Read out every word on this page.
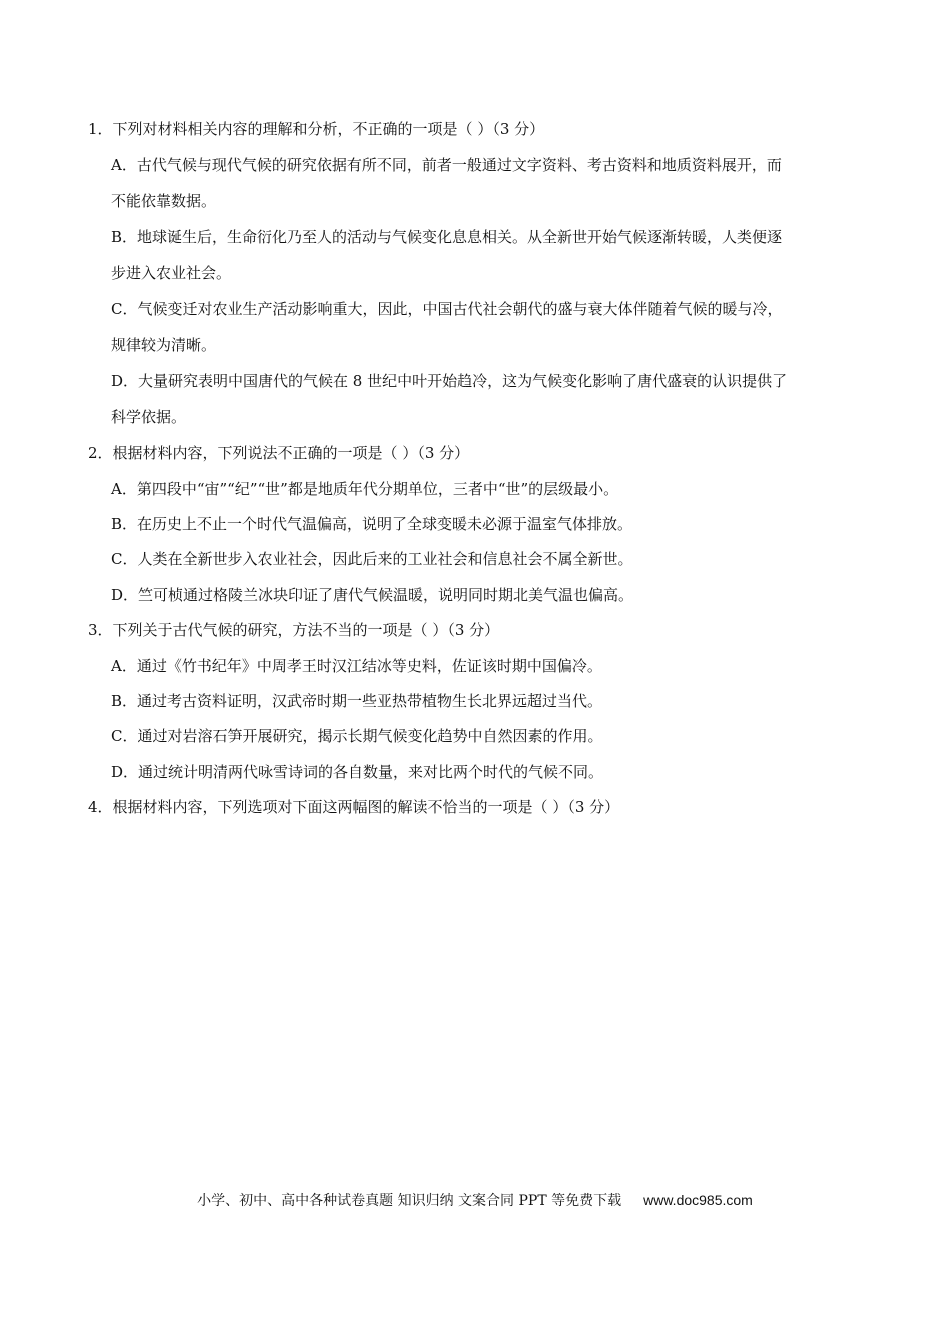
1．下列对材料相关内容的理解和分析，不正确的一项是（ ）（3 分）
A．古代气候与现代气候的研究依据有所不同，前者一般通过文字资料、考古资料和地质资料展开，而
不能依靠数据。
B．地球诞生后，生命衍化乃至人的活动与气候变化息息相关。从全新世开始气候逐渐转暖，人类便逐
步进入农业社会。
C．气候变迁对农业生产活动影响重大，因此，中国古代社会朝代的盛与衰大体伴随着气候的暖与冷，
规律较为清晰。
D．大量研究表明中国唐代的气候在 8 世纪中叶开始趋冷，这为气候变化影响了唐代盛衰的认识提供了
科学依据。
2．根据材料内容，下列说法不正确的一项是（ ）（3 分）
A．第四段中“宙”“纪”“世”都是地质年代分期单位，三者中“世”的层级最小。
B．在历史上不止一个时代气温偏高，说明了全球变暖未必源于温室气体排放。
C．人类在全新世步入农业社会，因此后来的工业社会和信息社会不属全新世。
D．竺可桢通过格陵兰冰块印证了唐代气候温暖，说明同时期北美气温也偏高。
3．下列关于古代气候的研究，方法不当的一项是（ ）（3 分）
A．通过《竹书纪年》中周孝王时汉江结冰等史料，佐证该时期中国偏冷。
B．通过考古资料证明，汉武帝时期一些亚热带植物生长北界远超过当代。
C．通过对岩溶石笋开展研究，揭示长期气候变化趋势中自然因素的作用。
D．通过统计明清两代咏雪诗词的各自数量，来对比两个时代的气候不同。
4．根据材料内容，下列选项对下面这两幅图的解读不恰当的一项是（ ）（3 分）
小学、初中、高中各种试卷真题 知识归纳 文案合同 PPT 等免费下载 www.doc985.com
